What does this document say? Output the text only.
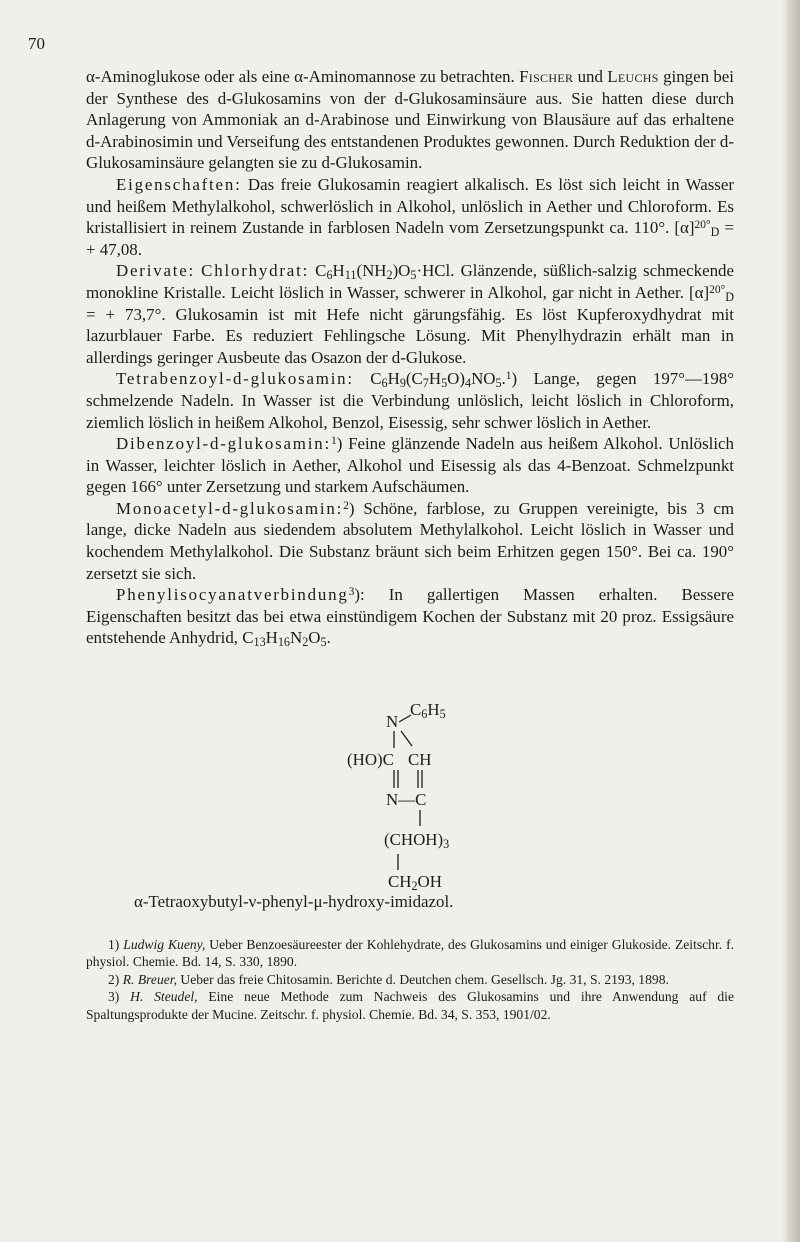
70

α-Aminoglukose oder als eine α-Aminomannose zu betrachten. Fischer und Leuchs gingen bei der Synthese des d-Glukosamins von der d-Glukosaminsäure aus. Sie hatten diese durch Anlagerung von Ammoniak an d-Arabinose und Einwirkung von Blausäure auf das erhaltene d-Arabinosimin und Verseifung des entstandenen Produktes gewonnen. Durch Reduktion der d-Glukosaminsäure gelangten sie zu d-Glukosamin.

Eigenschaften: Das freie Glukosamin reagiert alkalisch. Es löst sich leicht in Wasser und heißem Methylalkohol, schwerlöslich in Alkohol, unlöslich in Aether und Chloroform. Es kristallisiert in reinem Zustande in farblosen Nadeln vom Zersetzungspunkt ca. 110°. $[\alpha]^{20^\circ}_D$ = + 47,08.

Derivate: Chlorhydrat: $C_6H_{11}(NH_2)O_5\cdot HCl$. Glänzende, süßlich-salzig schmeckende monokline Kristalle. Leicht löslich in Wasser, schwerer in Alkohol, gar nicht in Aether. $[\alpha]^{20^\circ}_D$ = + 73,7°. Glukosamin ist mit Hefe nicht gärungsfähig. Es löst Kupferoxydhydrat mit lazurblauer Farbe. Es reduziert Fehlingsche Lösung. Mit Phenylhydrazin erhält man in allerdings geringer Ausbeute das Osazon der d-Glukose.

Tetrabenzoyl-d-glukosamin: $C_6H_9(C_7H_5O)_4NO_5.^1$) Lange, gegen 197°—198° schmelzende Nadeln. In Wasser ist die Verbindung unlöslich, leicht löslich in Chloroform, ziemlich löslich in heißem Alkohol, Benzol, Eisessig, sehr schwer löslich in Aether.

Dibenzoyl-d-glukosamin:$^1$) Feine glänzende Nadeln aus heißem Alkohol. Unlöslich in Wasser, leichter löslich in Aether, Alkohol und Eisessig als das 4-Benzoat. Schmelzpunkt gegen 166° unter Zersetzung und starkem Aufschäumen.

Monoacetyl-d-glukosamin:$^2$) Schöne, farblose, zu Gruppen vereinigte, bis 3 cm lange, dicke Nadeln aus siedendem absolutem Methylalkohol. Leicht löslich in Wasser und kochendem Methylalkohol. Die Substanz bräunt sich beim Erhitzen gegen 150°. Bei ca. 190° zersetzt sie sich.

Phenylisocyanatverbindung$^3$): In gallertigen Massen erhalten. Bessere Eigenschaften besitzt das bei etwa einstündigem Kochen der Substanz mit 20 proz. Essigsäure entstehende Anhydrid, $C_{13}H_{16}N_2O_5$.

N
$C_6H_5$
(HO)C CH
N—C
$(CHOH)_3$
$CH_2OH$
α-Tetraoxybutyl-ν-phenyl-μ-hydroxy-imidazol.

1) Ludwig Kueny, Ueber Benzoesäureester der Kohlehydrate, des Glukosamins und einiger Glukoside. Zeitschr. f. physiol. Chemie. Bd. 14, S. 330, 1890.

2) R. Breuer, Ueber das freie Chitosamin. Berichte d. Deutchen chem. Gesellsch. Jg. 31, S. 2193, 1898.

3) H. Steudel, Eine neue Methode zum Nachweis des Glukosamins und ihre Anwendung auf die Spaltungsprodukte der Mucine. Zeitschr. f. physiol. Chemie. Bd. 34, S. 353, 1901/02.
